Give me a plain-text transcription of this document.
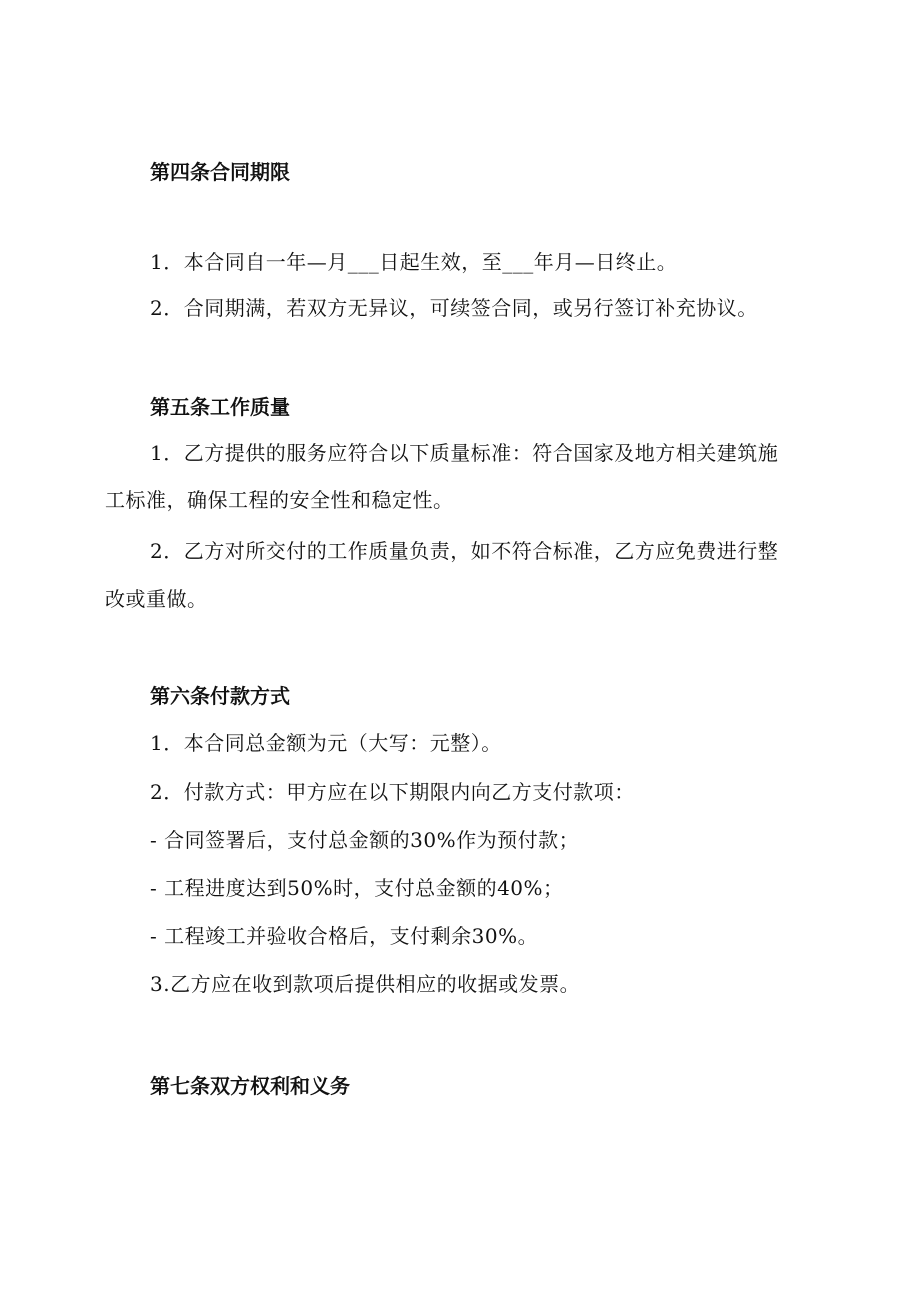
第四条合同期限

1．本合同自一年—月___日起生效，至___年月—日终止。

2．合同期满，若双方无异议，可续签合同，或另行签订补充协议。

第五条工作质量

1．乙方提供的服务应符合以下质量标准：符合国家及地方相关建筑施

工标准，确保工程的安全性和稳定性。

2．乙方对所交付的工作质量负责，如不符合标准，乙方应免费进行整

改或重做。

第六条付款方式

1．本合同总金额为元（大写：元整）。

2．付款方式：甲方应在以下期限内向乙方支付款项：

- 合同签署后，支付总金额的30%作为预付款；

- 工程进度达到50%时，支付总金额的40%；

- 工程竣工并验收合格后，支付剩余30%。

3.乙方应在收到款项后提供相应的收据或发票。

第七条双方权利和义务
